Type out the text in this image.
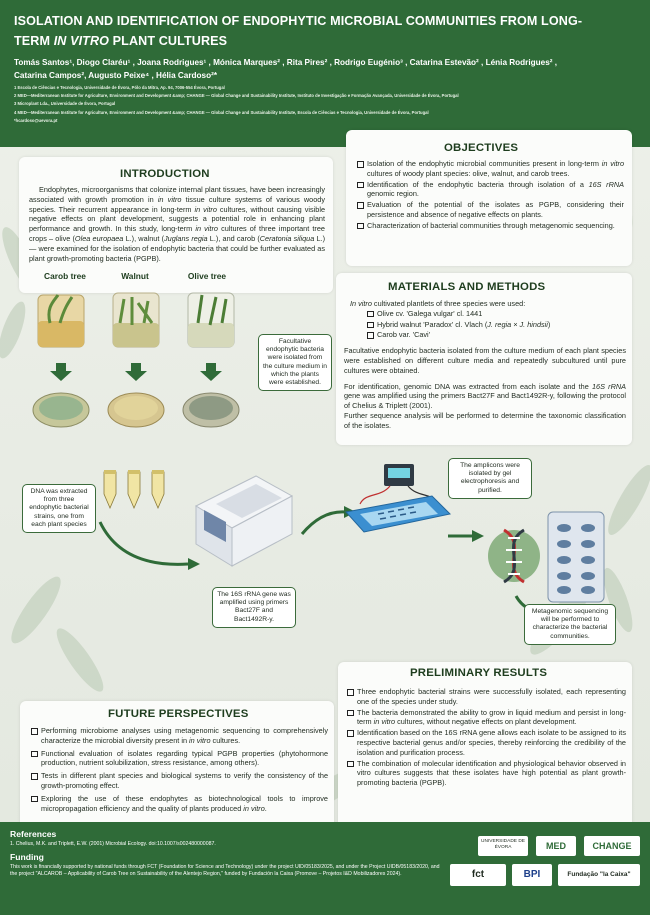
ISOLATION AND IDENTIFICATION OF ENDOPHYTIC MICROBIAL COMMUNITIES FROM LONG-
TERM IN VITRO PLANT CULTURES
Tomás Santos¹, Diogo Claréu¹ , Joana Rodrigues¹ , Mónica Marques² , Rita Pires² , Rodrigo Eugénio³ , Catarina Estevão² , Lénia Rodrigues² ,
Catarina Campos², Augusto Peixe⁴ , Hélia Cardoso²*
1 Escola de Ciências e Tecnologia, Universidade de Évora, Pólo da Mitra, Ap. 94, 7006-554 Évora, Portugal
2 MED—Mediterranean Institute for Agriculture, Environment and Development &amp; CHANGE — Global Change and Sustainability Institute, Instituto de Investigação e Formação Avançada, Universidade de Évora, Portugal
3 Microplant Lda., Universidade de Évora, Portugal
4 MED—Mediterranean Institute for Agriculture, Environment and Development &amp; CHANGE — Global Change and Sustainability Institute, Escola de Ciências e Tecnologia, Universidade de Évora, Portugal
*hcardoso@uevora.pt
INTRODUCTION
Endophytes, microorganisms that colonize internal plant tissues, have been increasingly associated with growth promotion in in vitro tissue culture systems of various woody species. Their recurrent appearance in long-term in vitro cultures, without causing visible negative effects on plant development, suggests a potential role in enhancing plant performance and growth. In this study, long-term in vitro cultures of three important tree crops – olive (Olea europaea L.), walnut (Juglans regia L.), and carob (Ceratonia siliqua L.) — were examined for the isolation of endophytic bacteria that could be further evaluated as plant growth-promoting bacteria (PGPB).
OBJECTIVES
Isolation of the endophytic microbial communities present in long-term in vitro cultures of woody plant species: olive, walnut, and carob trees.
Identification of the endophytic bacteria through isolation of a 16S rRNA genomic region.
Evaluation of the potential of the isolates as PGPB, considering their persistence and absence of negative effects on plants.
Characterization of bacterial communities through metagenomic sequencing.
MATERIALS AND METHODS
In vitro cultivated plantlets of three species were used:
Olive cv. 'Galega vulgar' cl. 1441
Hybrid walnut 'Paradox' cl. Vlach (J. regia × J. hindsii)
Carob var. 'Cavi'
Facultative endophytic bacteria isolated from the culture medium of each plant species were established on different culture media and repeatedly subcultured until pure cultures were obtained.
For identification, genomic DNA was extracted from each isolate and the 16S rRNA gene was amplified using the primers Bact27F and Bact1492R-y, following the protocol of Chelius & Triplett (2001).
Further sequence analysis will be performed to determine the taxonomic classification of the isolates.
Carob tree	Walnut	Olive tree
Facultative endophytic bacteria were isolated from the culture medium in which the plants were established.
DNA was extracted from three endophytic bacterial strains, one from each plant species
The 16S rRNA gene was amplified using primers Bact27F and Bact1492R-y.
The amplicons were isolated by gel electrophoresis and purified.
Metagenomic sequencing will be performed to characterize the bacterial communities.
PRELIMINARY RESULTS
Three endophytic bacterial strains were successfully isolated, each representing one of the species under study.
The bacteria demonstrated the ability to grow in liquid medium and persist in long-term in vitro cultures, without negative effects on plant development.
Identification based on the 16S rRNA gene allows each isolate to be assigned to its respective bacterial genus and/or species, thereby reinforcing the credibility of the isolation and purification process.
The combination of molecular identification and physiological behavior observed in vitro cultures suggests that these isolates have high potential as plant growth-promoting bacteria (PGPB).
FUTURE PERSPECTIVES
Performing microbiome analyses using metagenomic sequencing to comprehensively characterize the microbial diversity present in in vitro cultures.
Functional evaluation of isolates regarding typical PGPB properties (phytohormone production, nutrient solubilization, stress resistance, among others).
Tests in different plant species and biological systems to verify the consistency of the growth-promoting effect.
Exploring the use of these endophytes as biotechnological tools to improve micropropagation efficiency and the quality of plants produced in vitro.
References
1. Chelius, M.K. and Triplett, E.W. (2001) Microbial Ecology. doi:10.1007/s002480000087.
Funding
This work is financially supported by national funds through FCT (Foundation for Science and Technology) under the project UID/05183/2025, and under the Project UIDB/05183/2020, and the project "ALCAROB – Applicability of Carob Tree on Sustainability of the Alentejo Region," funded by Fundación la Caixa (Promove – Projetos I&D Mobilizadores 2024).
UNIVERSIDADE DE ÉVORA	MED	CHANGE
fct	BPI	Fundação "la Caixa"
